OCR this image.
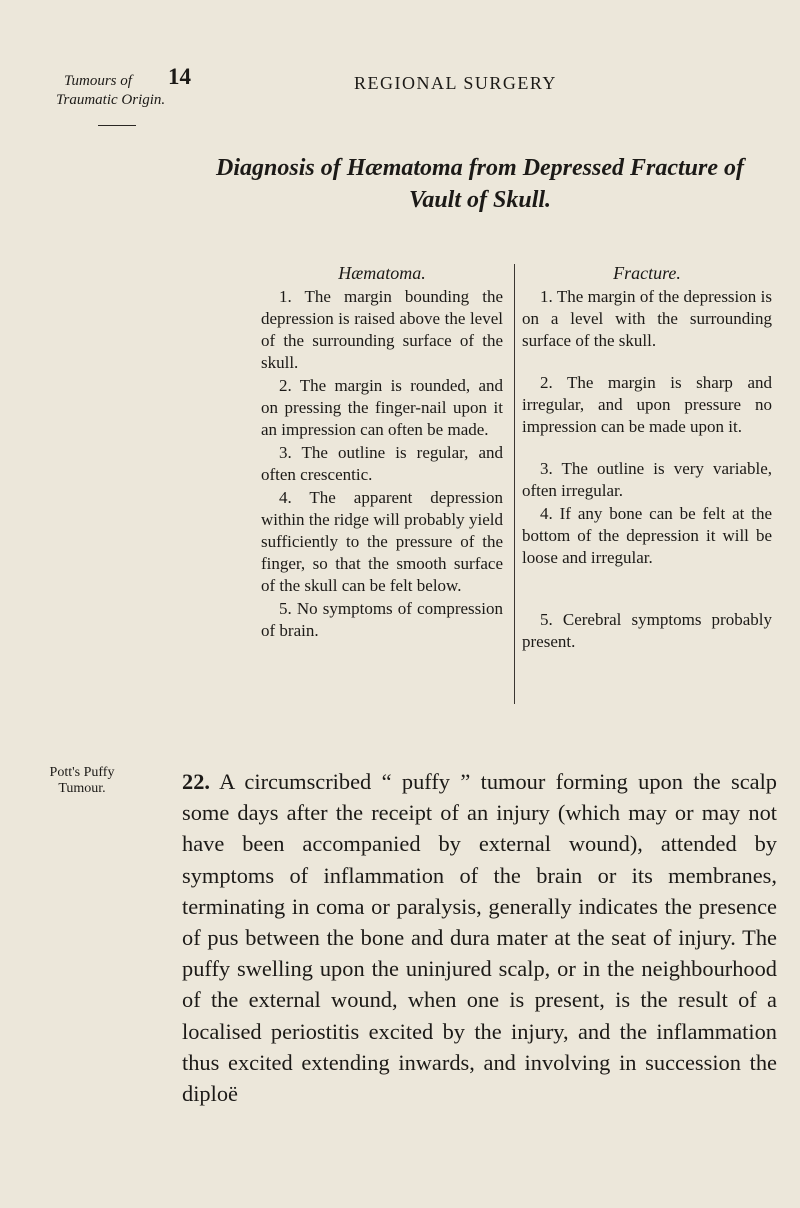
Tumours of
Traumatic Origin.
14	REGIONAL SURGERY
Diagnosis of Hæmatoma from Depressed Fracture of
Vault of Skull.
Hæmatoma.

1. The margin bounding the depression is raised above the level of the surrounding surface of the skull.

2. The margin is rounded, and on pressing the finger-nail upon it an impression can often be made.

3. The outline is regular, and often crescentic.

4. The apparent depression within the ridge will probably yield sufficiently to the pressure of the finger, so that the smooth surface of the skull can be felt below.

5. No symptoms of compression of brain.

Fracture.

1. The margin of the depression is on a level with the surrounding surface of the skull.

2. The margin is sharp and irregular, and upon pressure no impression can be made upon it.

3. The outline is very variable, often irregular.

4. If any bone can be felt at the bottom of the depression it will be loose and irregular.

5. Cerebral symptoms probably present.

Pott's Puffy
Tumour.	22. A circumscribed “ puffy ” tumour forming upon the scalp some days after the receipt of an injury (which may or may not have been accompanied by external wound), attended by symptoms of inflammation of the brain or its membranes, terminating in coma or paralysis, generally indicates the presence of pus between the bone and dura mater at the seat of injury. The puffy swelling upon the uninjured scalp, or in the neighbourhood of the external wound, when one is present, is the result of a localised periostitis excited by the injury, and the inflammation thus excited extending inwards, and involving in succession the diploë
